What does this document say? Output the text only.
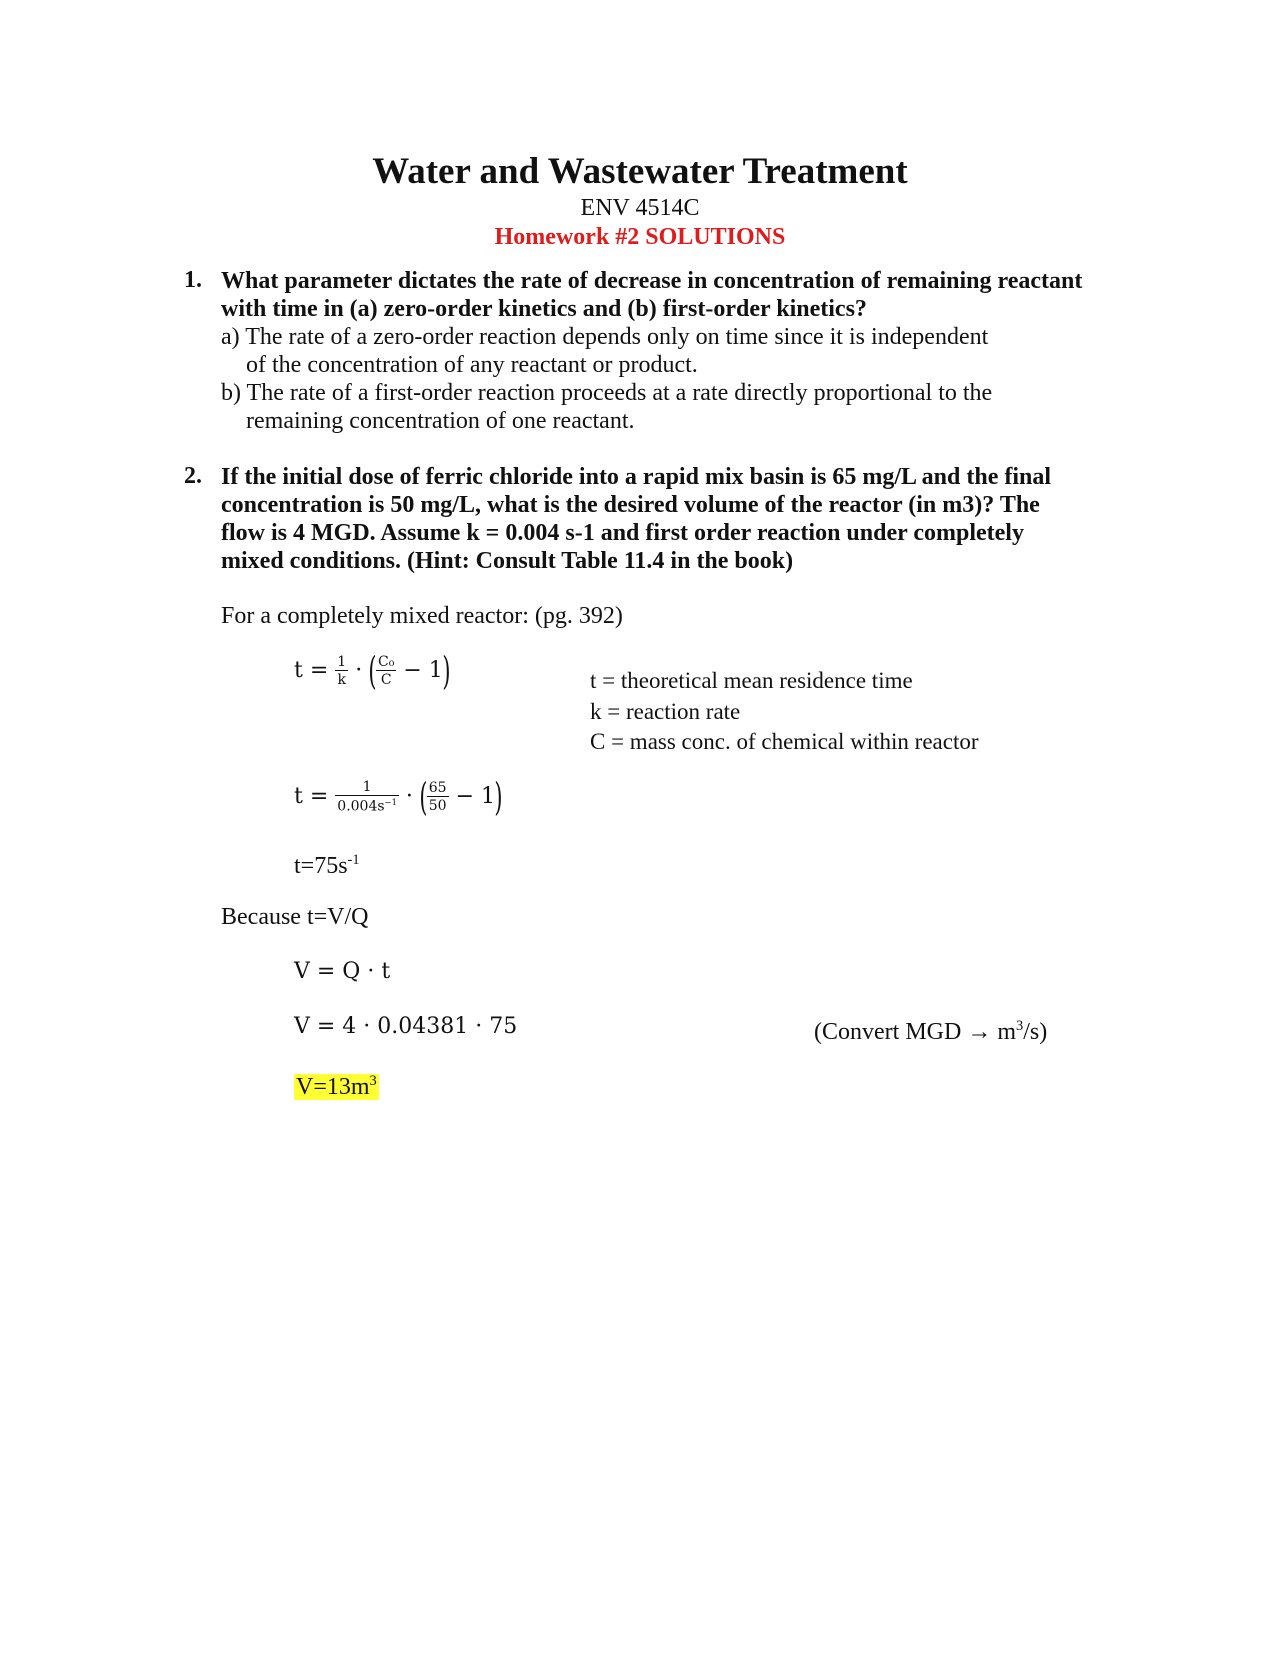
Water and Wastewater Treatment
ENV 4514C
Homework #2 SOLUTIONS
1. What parameter dictates the rate of decrease in concentration of remaining reactant
with time in (a) zero-order kinetics and (b) first-order kinetics?
a) The rate of a zero-order reaction depends only on time since it is independent
of the concentration of any reactant or product.
b) The rate of a first-order reaction proceeds at a rate directly proportional to the
remaining concentration of one reactant.
2. If the initial dose of ferric chloride into a rapid mix basin is 65 mg/L and the final
concentration is 50 mg/L, what is the desired volume of the reactor (in m3)? The
flow is 4 MGD. Assume k = 0.004 s-1 and first order reaction under completely
mixed conditions. (Hint: Consult Table 11.4 in the book)
For a completely mixed reactor: (pg. 392)
$t = \frac{1}{k}$ · ( $\frac{\text{C₀}}{C} - 1$)	t = theoretical mean residence time
k = reaction rate
C = mass conc. of chemical within reactor
$t = \frac{1}{0.004s^{-1}}$ · ( $\frac{65}{50} - 1$)
$t=75s^{-1}$
Because t=V/Q
V = Q · t
V = 4 · 0.04381 · 75	(Convert MGD → $m^3/s$)
$V=13m^3$
